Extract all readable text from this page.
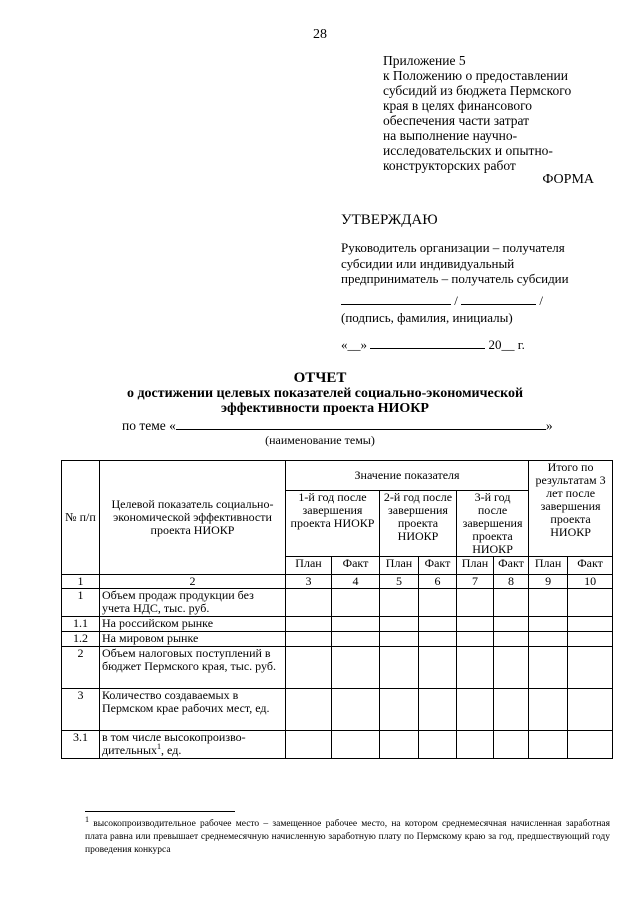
28
Приложение 5
к Положению о предоставлении
субсидий из бюджета Пермского
края в целях финансового
обеспечения части затрат
на выполнение научно-
исследовательских и опытно-
конструкторских работ
ФОРМА
УТВЕРЖДАЮ
Руководитель организации – получателя
субсидии или индивидуальный
предприниматель – получатель субсидии
/	/
(подпись, фамилия, инициалы)
«__»	20__ г.
ОТЧЕТ
о достижении целевых показателей социально-экономической
эффективности проекта НИОКР
по теме «	»
(наименование темы)
№ п/п	Целевой показатель социально-экономической эффективности проекта НИОКР	Значение показателя						Итого по результатам 3 лет после завершения проекта НИОКР	
		1-й год после завершения проекта НИОКР		2-й год после завершения проекта НИОКР		3-й год после завершения проекта НИОКР			
		План	Факт	План	Факт	План	Факт	План	Факт
1	2	3	4	5	6	7	8	9	10
1	Объем продаж продукции без учета НДС, тыс. руб.								
1.1	На российском рынке								
1.2	На мировом рынке								
2	Объем налоговых поступлений в бюджет Пермского края, тыс. руб.								
3	Количество создаваемых в Пермском крае рабочих мест, ед.								
3.1	в том числе высокопроизво-дительных$^1$, ед.								
$^1$ высокопроизводительное рабочее место – замещенное рабочее место, на котором среднемесячная начисленная заработная плата равна или превышает среднемесячную начисленную заработную плату по Пермскому краю за год, предшествующий году проведения конкурса
